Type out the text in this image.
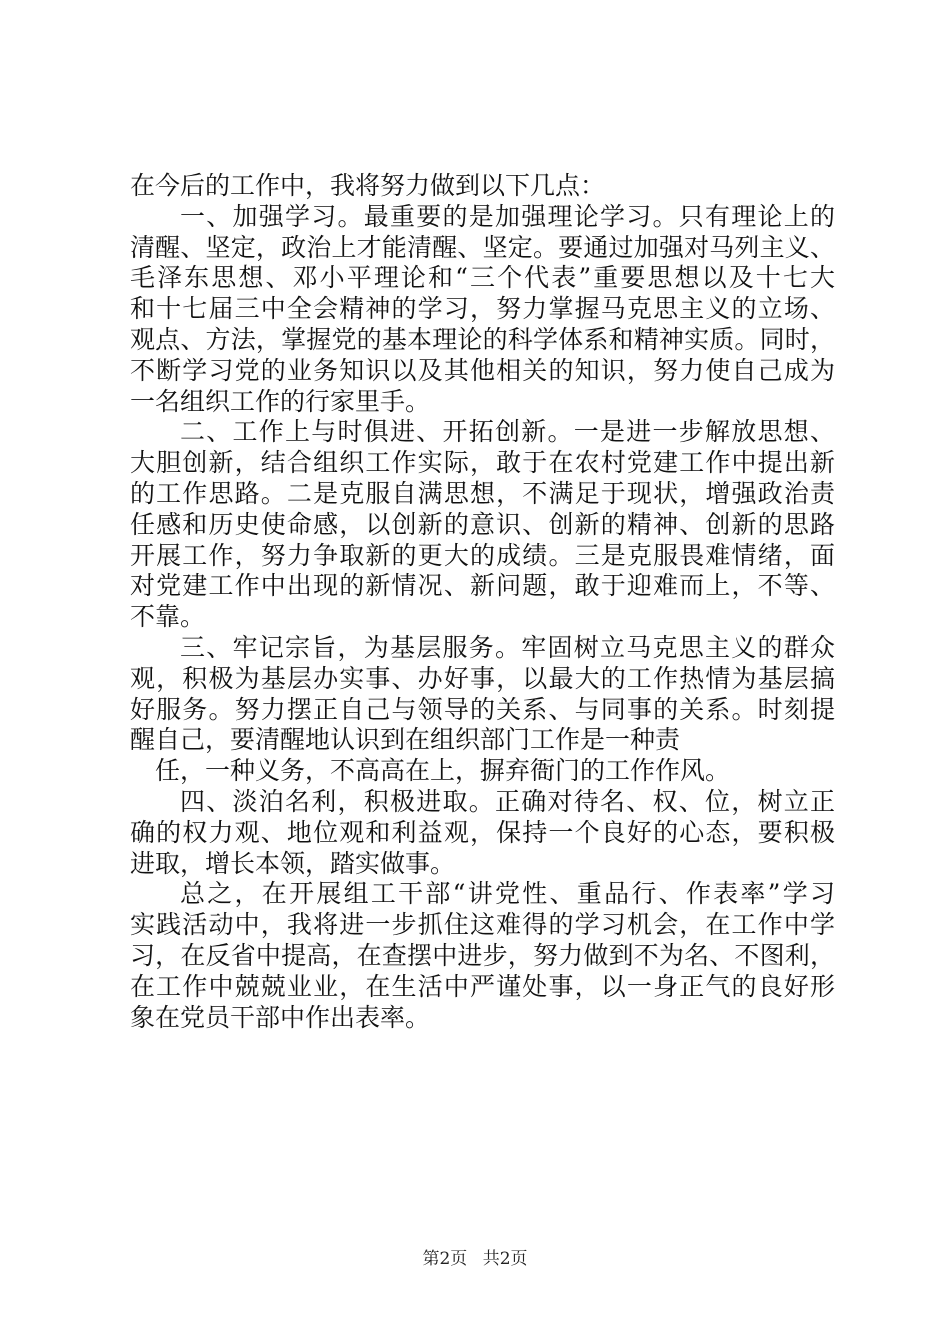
在今后的工作中，我将努力做到以下几点：
一、加强学习。最重要的是加强理论学习。只有理论上的
清醒、坚定，政治上才能清醒、坚定。要通过加强对马列主义、
毛泽东思想、邓小平理论和“三个代表”重要思想以及十七大
和十七届三中全会精神的学习，努力掌握马克思主义的立场、
观点、方法，掌握党的基本理论的科学体系和精神实质。同时，
不断学习党的业务知识以及其他相关的知识，努力使自己成为
一名组织工作的行家里手。
二、工作上与时俱进、开拓创新。一是进一步解放思想、
大胆创新，结合组织工作实际，敢于在农村党建工作中提出新
的工作思路。二是克服自满思想，不满足于现状，增强政治责
任感和历史使命感，以创新的意识、创新的精神、创新的思路
开展工作，努力争取新的更大的成绩。三是克服畏难情绪，面
对党建工作中出现的新情况、新问题，敢于迎难而上，不等、
不靠。
三、牢记宗旨，为基层服务。牢固树立马克思主义的群众
观，积极为基层办实事、办好事，以最大的工作热情为基层搞
好服务。努力摆正自己与领导的关系、与同事的关系。时刻提
醒自己，要清醒地认识到在组织部门工作是一种责
任，一种义务，不高高在上，摒弃衙门的工作作风。
四、淡泊名利，积极进取。正确对待名、权、位，树立正
确的权力观、地位观和利益观，保持一个良好的心态，要积极
进取，增长本领，踏实做事。
总之，在开展组工干部“讲党性、重品行、作表率”学习
实践活动中，我将进一步抓住这难得的学习机会，在工作中学
习，在反省中提高，在查摆中进步，努力做到不为名、不图利，
在工作中兢兢业业，在生活中严谨处事，以一身正气的良好形
象在党员干部中作出表率。
第2页 共2页
